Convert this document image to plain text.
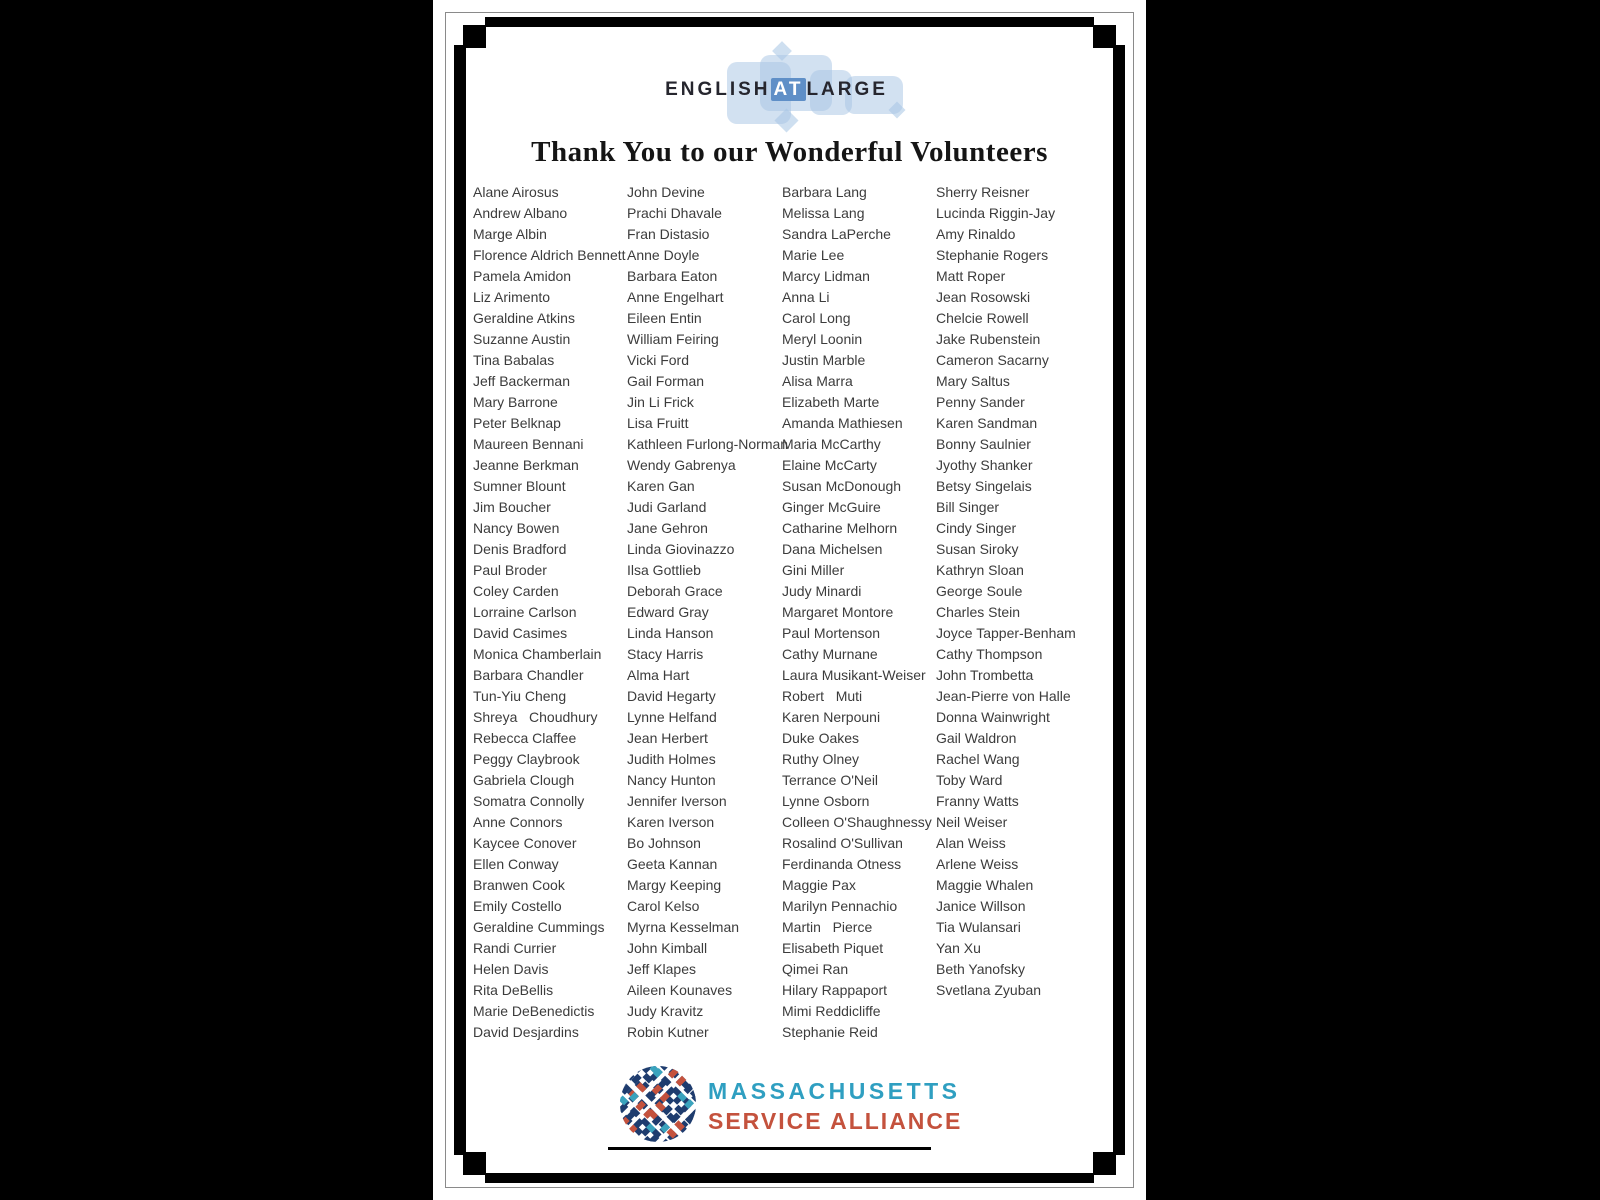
ENGLISH AT LARGE
Thank You to our Wonderful Volunteers
Alane Airosus
Andrew Albano
Marge Albin
Florence Aldrich Bennett
Pamela Amidon
Liz Arimento
Geraldine Atkins
Suzanne Austin
Tina Babalas
Jeff Backerman
Mary Barrone
Peter Belknap
Maureen Bennani
Jeanne Berkman
Sumner Blount
Jim Boucher
Nancy Bowen
Denis Bradford
Paul Broder
Coley Carden
Lorraine Carlson
David Casimes
Monica Chamberlain
Barbara Chandler
Tun-Yiu Cheng
Shreya   Choudhury
Rebecca Claffee
Peggy Claybrook
Gabriela Clough
Somatra Connolly
Anne Connors
Kaycee Conover
Ellen Conway
Branwen Cook
Emily Costello
Geraldine Cummings
Randi Currier
Helen Davis
Rita DeBellis
Marie DeBenedictis
David Desjardins
John Devine
Prachi Dhavale
Fran Distasio
Anne Doyle
Barbara Eaton
Anne Engelhart
Eileen Entin
William Feiring
Vicki Ford
Gail Forman
Jin Li Frick
Lisa Fruitt
Kathleen Furlong-Norman
Wendy Gabrenya
Karen Gan
Judi Garland
Jane Gehron
Linda Giovinazzo
Ilsa Gottlieb
Deborah Grace
Edward Gray
Linda Hanson
Stacy Harris
Alma Hart
David Hegarty
Lynne Helfand
Jean Herbert
Judith Holmes
Nancy Hunton
Jennifer Iverson
Karen Iverson
Bo Johnson
Geeta Kannan
Margy Keeping
Carol Kelso
Myrna Kesselman
John Kimball
Jeff Klapes
Aileen Kounaves
Judy Kravitz
Robin Kutner
Barbara Lang
Melissa Lang
Sandra LaPerche
Marie Lee
Marcy Lidman
Anna Li
Carol Long
Meryl Loonin
Justin Marble
Alisa Marra
Elizabeth Marte
Amanda Mathiesen
Maria McCarthy
Elaine McCarty
Susan McDonough
Ginger McGuire
Catharine Melhorn
Dana Michelsen
Gini Miller
Judy Minardi
Margaret Montore
Paul Mortenson
Cathy Murnane
Laura Musikant-Weiser
Robert   Muti
Karen Nerpouni
Duke Oakes
Ruthy Olney
Terrance O'Neil
Lynne Osborn
Colleen O'Shaughnessy
Rosalind O'Sullivan
Ferdinanda Otness
Maggie Pax
Marilyn Pennachio
Martin   Pierce
Elisabeth Piquet
Qimei Ran
Hilary Rappaport
Mimi Reddicliffe
Stephanie Reid
Sherry Reisner
Lucinda Riggin-Jay
Amy Rinaldo
Stephanie Rogers
Matt Roper
Jean Rosowski
Chelcie Rowell
Jake Rubenstein
Cameron Sacarny
Mary Saltus
Penny Sander
Karen Sandman
Bonny Saulnier
Jyothy Shanker
Betsy Singelais
Bill Singer
Cindy Singer
Susan Siroky
Kathryn Sloan
George Soule
Charles Stein
Joyce Tapper-Benham
Cathy Thompson
John Trombetta
Jean-Pierre von Halle
Donna Wainwright
Gail Waldron
Rachel Wang
Toby Ward
Franny Watts
Neil Weiser
Alan Weiss
Arlene Weiss
Maggie Whalen
Janice Willson
Tia Wulansari
Yan Xu
Beth Yanofsky
Svetlana Zyuban
MASSACHUSETTS
SERVICE ALLIANCE
